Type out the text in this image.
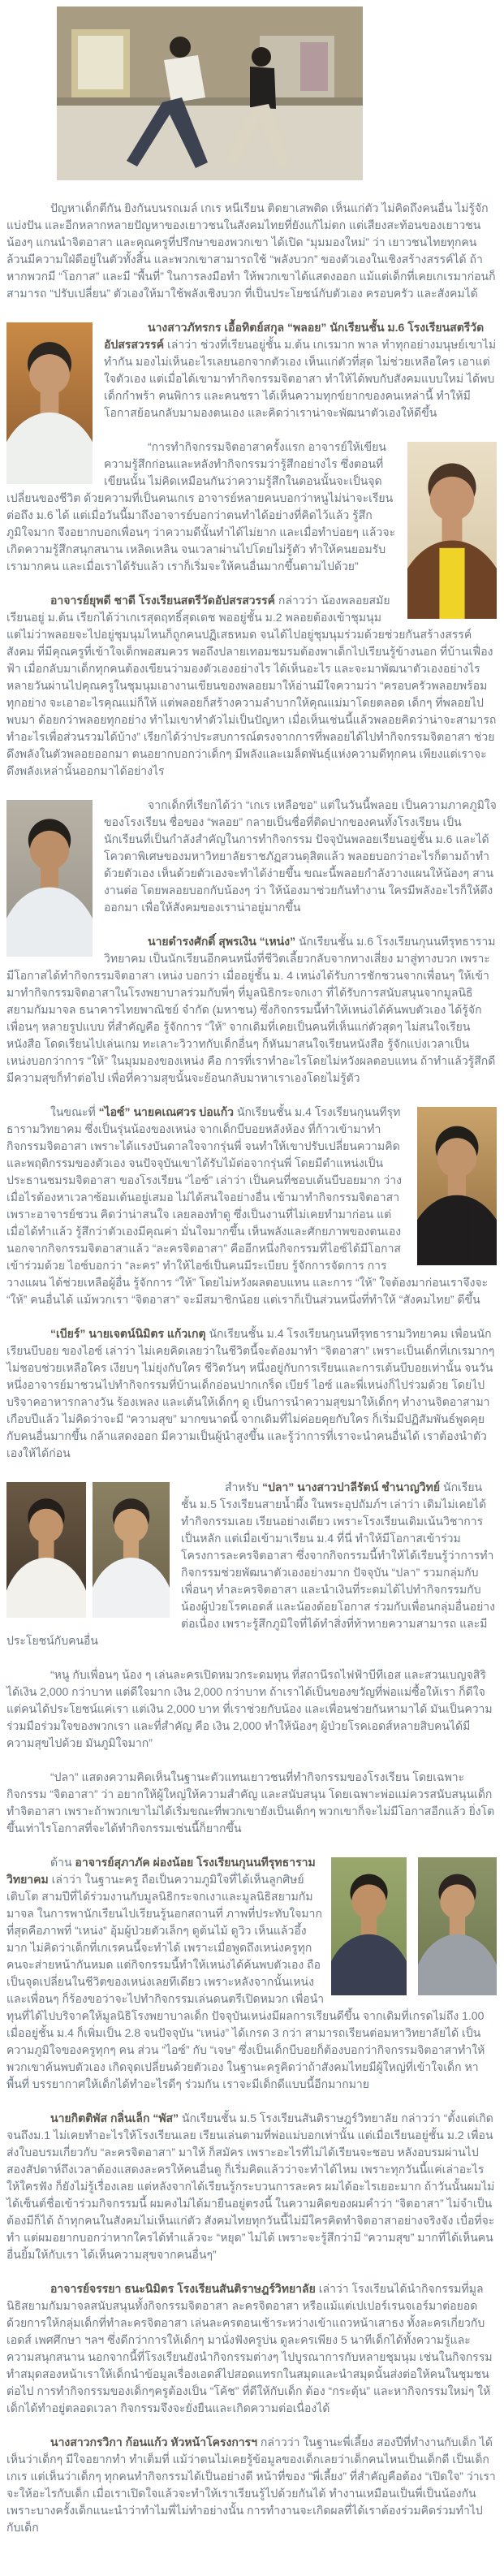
ปัญหาเด็กตีกัน ยิงกันบนรถเมล์ เกเร หนีเรียน ติดยาเสพติด เห็นแก่ตัว ไม่คิดถึงคนอื่น ไม่รู้จักแบ่งปัน และอีกหลากหลายปัญหาของเยาวชนในสังคมไทยที่ยังแก้ไม่ตก แต่เสียงสะท้อนของเยาวชนน้องๆ แกนนำจิตอาสา และคุณครูที่ปรึกษาของพวกเขา ได้เปิด “มุมมองใหม่” ว่า เยาวชนไทยทุกคนล้วนมีความใฝ่ดีอยู่ในตัวทั้งสิ้น และพวกเขาสามารถใช้ “พลังบวก” ของตัวเองในเชิงสร้างสรรค์ได้ ถ้าหากพวกมี “โอกาส” และมี “พื้นที่” ในการลงมือทำ ให้พวกเขาได้แสดงออก แม้แต่เด็กที่เคยเกเรมาก่อนก็สามารถ “ปรับเปลี่ยน” ตัวเองให้มาใช้พลังเชิงบวก ที่เป็นประโยชน์กับตัวเอง ครอบครัว และสังคมได้

นางสาวภัทรกร เอื้อทิตย์สกุล “พลอย” นักเรียนชั้น ม.6 โรงเรียนสตรีวัดอัปสรสวรรค์ เล่าว่า ช่วงที่เรียนอยู่ชั้น ม.ต้น เกเรมาก พาล ทำทุกอย่างมนุษย์เขาไม่ทำกัน มองไม่เห็นอะไรเลยนอกจากตัวเอง เห็นแก่ตัวที่สุด ไม่ช่วยเหลือใคร เอาแต่ใจตัวเอง แต่เมื่อได้เขามาทำกิจกรรมจิตอาสา ทำให้ได้พบกับสังคมแบบใหม่ ได้พบเด็กกำพร้า คนพิการ และคนชรา ได้เห็นความทุกข์ยากของคนเหล่านี้ ทำให้มีโอกาสย้อนกลับมามองตนเอง และคิดว่าเราน่าจะพัฒนาตัวเองให้ดีขึ้น

“การทำกิจกรรมจิตอาสาครั้งแรก อาจารย์ให้เขียนความรู้สึกก่อนและหลังทำกิจกรรมว่ารู้สึกอย่างไร ซึ่งตอนที่เขียนนั้น ไม่คิดเหมือนกันว่าความรู้สึกในตอนนั้นจะเป็นจุดเปลี่ยนของชีวิต ด้วยความที่เป็นคนเกเร อาจารย์หลายคนบอกว่าหนูไม่น่าจะเรียนต่อถึง ม.6 ได้ แต่เมื่อวันนี้มาถึงอาจารย์บอกว่าตนทำได้อย่างที่คิดไว้แล้ว รู้สึกภูมิใจมาก จึงอยากบอกเพื่อนๆ ว่าความดีนั้นทำได้ไม่ยาก และเมื่อทำบ่อยๆ แล้วจะเกิดความรู้สึกสนุกสนาน เหลิดเหลิน จนเวลาผ่านไปโดยไม่รู้ตัว ทำให้คนยอมรับเรามากคน และเมื่อเราได้รับแล้ว เราก็เริ่มจะให้คนอื่นมากขึ้นตามไปด้วย”

อาจารย์ยุพดี ชาดี โรงเรียนสตรีวัดอัปสรสวรรค์ กล่าวว่า น้องพลอยสมัยเรียนอยู่ ม.ต้น เรียกได้ว่าเกเรสุดฤทธิ์สุดเดช พออยู่ชั้น ม.2 พลอยต้องเข้าชุมนุม แต่ไม่ว่าพลอยจะไปอยู่ชุมนุมไหนก็ถูกคนปฏิเสธหมด จนได้ไปอยู่ชุมนุมร่วมด้วยช่วยกันสร้างสรรค์สังคม ที่มีคุณครูที่เข้าใจเด็กพอสมควร พอถึงปลายเทอมชมรมต้องพาเด็กไปเรียนรู้ข้างนอก ที่บ้านเฟื่องฟ้า เมื่อกลับมาเด็กทุกคนต้องเขียนว่ามองตัวเองอย่างไร ได้เห็นอะไร และจะมาพัฒนาตัวเองอย่างไร หลายวันผ่านไปคุณครูในชุมนุมเอางานเขียนของพลอยมาให้อ่านมีใจความว่า “ครอบครัวพลอยพร้อมทุกอย่าง จะเอาอะไรคุณแม่ก็ให้ แต่พลอยก็สร้างความลำบากให้คุณแม่มาโดยตลอด เด็กๆ ที่พลอยไปพบมา ด้อยกว่าพลอยทุกอย่าง ทำไมเขาทำตัวไม่เป็นปัญหา เมื่อเห็นเช่นนี้แล้วพลอยคิดว่าน่าจะสามารถทำอะไรเพื่อส่วนรวมได้บ้าง” เรียกได้ว่าประสบการณ์ตรงจากการที่พลอยได้ไปทำกิจกรรมจิตอาสา ช่วยดึงพลังในตัวพลอยออกมา ตนอยากบอกว่าเด็กๆ มีพลังและเมล็ดพันธุ์แห่งความดีทุกคน เพียงแต่เราจะดึงพลังเหล่านั้นออกมาได้อย่างไร

จากเด็กที่เรียกได้ว่า “เกเร เหลือขอ” แต่ในวันนี้พลอย เป็นความภาคภูมิใจของโรงเรียน ชื่อของ “พลอย” กลายเป็นชื่อที่ติดปากของคนทั้งโรงเรียน เป็นนักเรียนที่เป็นกำลังสำคัญในการทำกิจกรรม ปัจจุบันพลอยเรียนอยู่ชั้น ม.6 และได้โควตาพิเศษของมหาวิทยาลัยราชภัฏสวนดุสิตแล้ว พลอยบอกว่าอะไรก็ตามถ้าทำด้วยตัวเอง เห็นด้วยตัวเองจะทำได้ง่ายขึ้น ขณะนี้พลอยกำลังวางแผนให้น้องๆ สานงานต่อ โดยพลอยบอกกับน้องๆ ว่า ให้น้องมาช่วยกันทำงาน ใครมีพลังอะไรก็ให้ดึงออกมา เพื่อให้สังคมของเราน่าอยู่มากขึ้น

นายดำรงศักดิ์ สุพรเงิน “เหน่ง” นักเรียนชั้น ม.6 โรงเรียนกุนนทีรุทธารามวิทยาคม เป็นนักเรียนอีกคนหนึ่งที่ชีวิตเลี้ยวกลับจากทางเสี่ยง มาสู่ทางบวก เพราะมีโอกาสได้ทำกิจกรรมจิตอาสา เหน่ง บอกว่า เมื่ออยู่ชั้น ม. 4 เหน่งได้รับการชักชวนจากเพื่อนๆ ให้เข้ามาทำกิจกรรมจิตอาสาในโรงพยาบาลร่วมกับพี่ๆ ที่มูลนิธิกระจกเงา ที่ได้รับการสนับสนุนจากมูลนิธิสยามกัมมาจล ธนาคารไทยพาณิชย์ จำกัด (มหาชน) ซึ่งกิจกรรมนี้ทำให้เหน่งได้ค้นพบตัวเอง ได้รู้จักเพื่อนๆ หลายรูปแบบ ที่สำคัญคือ รู้จักการ “ให้” จากเดิมที่เคยเป็นคนที่เห็นแก่ตัวสุดๆ ไม่สนใจเรียนหนังสือ โดดเรียนไปเล่นเกม ทะเลาะวิวาทกับเด็กอื่นๆ ก็หันมาสนใจเรียนหนังสือ รู้จักแบ่งเวลาเป็น เหน่งบอกว่าการ “ให้” ในมุมมองของเหน่ง คือ การที่เราทำอะไรโดยไม่หวังผลตอบแทน ถ้าทำแล้วรู้สึกดีมีความสุขก็ทำต่อไป เพื่อที่ความสุขนั้นจะย้อนกลับมาหาเราเองโดยไม่รู้ตัว

ในขณะที่ “ไอซ์” นายคเณศวร บ่อแก้ว นักเรียนชั้น ม.4 โรงเรียนกุนนทีรุทธารามวิทยาคม ซึ่งเป็นรุ่นน้องของเหน่ง จากเด็กบีบอยหลังห้อง ที่ก้าวเข้ามาทำกิจกรรมจิตอาสา เพราะได้แรงบันดาลใจจากรุ่นพี่ จนทำให้เขาปรับเปลี่ยนความคิด และพฤติกรรมของตัวเอง จนปัจจุบันเขาได้รับไม้ต่อจากรุ่นพี่ โดยมีตำแหน่งเป็นประธานชมรมจิตอาสา ของโรงเรียน “ไอซ์” เล่าว่า เป็นคนที่ชอบเต้นบีบอยมาก ว่างเมื่อไรต้องหาเวลาซ้อมเต้นอยู่เสมอ ไม่ได้สนใจอย่างอื่น เข้ามาทำกิจกรรมจิตอาสา เพราะอาจารย์ชวน คิดว่าน่าสนใจ เลยลองทำดู ซึ่งเป็นงานที่ไม่เคยทำมาก่อน แต่เมื่อได้ทำแล้ว รู้สึกว่าตัวเองมีคุณค่า มั่นใจมากขึ้น เห็นพลังและศักยภาพของตนเอง นอกจากกิจกรรมจิตอาสาแล้ว “ละครจิตอาสา” คืออีกหนึ่งกิจกรรมที่ไอซ์ได้มีโอกาสเข้าร่วมด้วย ไอซ์บอกว่า “ละคร” ทำให้ไอซ์เป็นคนมีระเบียบ รู้จักการจัดการ การวางแผน ได้ช่วยเหลือผู้อื่น รู้จักการ “ให้” โดยไม่หวังผลตอบแทน และการ “ให้” ใจต้องมาก่อนเราจึงจะ “ให้” คนอื่นได้ แม้พวกเรา “จิตอาสา” จะมีสมาชิกน้อย แต่เราก็เป็นส่วนหนึ่งที่ทำให้ “สังคมไทย” ดีขึ้น

“เบียร์” นายเจตน์นิมิตร แก้วเกตุ นักเรียนชั้น ม.4 โรงเรียนกุนนทีรุทธารามวิทยาคม เพื่อนนักเรียนบีบอย ของไอซ์ เล่าว่า ไม่เคยคิดเลยว่าในชีวิตนี้จะต้องมาทำ “จิตอาสา” เพราะเป็นเด็กที่เกเรมากๆ ไม่ชอบช่วยเหลือใคร เงียบๆ ไม่ยุ่งกับใคร ชีวิตวันๆ หนึ่งอยู่กับการเรียนและการเต้นบีบอยเท่านั้น จนวันหนึ่งอาจารย์มาชวนไปทำกิจกรรมที่บ้านเด็กอ่อนปากเกร็ด เบียร์ ไอซ์ และพี่เหน่งก็ไปร่วมด้วย โดยไปบริจาคอาหารกลางวัน ร้องเพลง และเต้นให้เด็กๆ ดู เป็นการนำความสุขมาให้เด็กๆ ทำงานจิตอาสามาเกือบปีแล้ว ไม่คิดว่าจะมี “ความสุข” มากขนาดนี้ จากเดิมที่ไม่ค่อยคุยกับใคร ก็เริ่มมีปฏิสัมพันธ์พูดคุยกับคนอื่นมากขึ้น กล้าแสดงออก มีความเป็นผู้นำสูงขึ้น และรู้ว่าการที่เราจะนำคนอื่นได้ เราต้องนำตัวเองให้ได้ก่อน

สำหรับ “ปลา” นางสาวปาลีรัตน์ ชำนาญวิทย์ นักเรียนชั้น ม.5 โรงเรียนสายน้ำผึ้ง ในพระอุปถัมภ์ฯ เล่าว่า เดิมไม่เคยได้ทำกิจกรรมเลย เรียนอย่างเดียว เพราะโรงเรียนเดิมเน้นวิชาการเป็นหลัก แต่เมื่อเข้ามาเรียน ม.4 ที่นี่ ทำให้มีโอกาสเข้าร่วมโครงการละครจิตอาสา ซึ่งจากกิจกรรมนี้ทำให้ได้เรียนรู้ว่าการทำกิจกรรมช่วยพัฒนาตัวเองอย่างมาก ปัจจุบัน “ปลา” รวมกลุ่มกับเพื่อนๆ ทำละครจิตอาสา และนำเงินที่ระดมได้ไปทำกิจกรรมกับน้องผู้ป่วยโรคเอดส์ และน้องด้อยโอกาส ร่วมกับเพื่อนกลุ่มอื่นอย่างต่อเนื่อง เพราะรู้สึกภูมิใจที่ได้ทำสิ่งที่ท้าทายความสามารถ และมีประโยชน์กับคนอื่น

“หนู กับเพื่อนๆ น้อง ๆ เล่นละครเปิดหมวกระดมทุน ที่สถานีรถไฟฟ้าบีทีเอส และสวนเบญจสิริ ได้เงิน 2,000 กว่าบาท แต่ดีใจมาก เงิน 2,000 กว่าบาท ถ้าเราได้เป็นของขวัญที่พ่อแม่ซื้อให้เรา ก็ดีใจ แต่คนได้ประโยชน์แค่เรา แต่เงิน 2,000 บาท ที่เราช่วยกับน้อง และเพื่อนช่วยกันหามาได้ มันเป็นความร่วมมือร่วมใจของพวกเรา และที่สำคัญ คือ เงิน 2,000 ทำให้น้องๆ ผู้ป่วยโรคเอดส์หลายสิบคนได้มีความสุขไปด้วย มันภูมิใจมาก”

“ปลา” แสดงความคิดเห็นในฐานะตัวแทนเยาวชนที่ทำกิจกรรมของโรงเรียน โดยเฉพาะกิจกรรม “จิตอาสา” ว่า อยากให้ผู้ใหญ่ให้ความสำคัญ และสนับสนุน โดยเฉพาะพ่อแม่ควรสนับสนุนเด็กทำจิตอาสา เพราะถ้าพวกเขาไม่ได้เริ่มขณะที่พวกเขายังเป็นเด็กๆ พวกเขาก็จะไม่มีโอกาสอีกแล้ว ยิ่งโตขึ้นเท่าไรโอกาสที่จะได้ทำกิจกรรมเช่นนี้ก็ยากขึ้น

ด้าน อาจารย์สุภาภัค ผ่องน้อย โรงเรียนกุนนทีรุทธารามวิทยาคม เล่าว่า ในฐานะครู ถือเป็นความภูมิใจที่ได้เห็นลูกศิษย์เติบโต สามปีที่ได้ร่วมงานกับมูลนิธิกระจกเงาและมูลนิธิสยามกัมมาจล ในการพานักเรียนไปเรียนรู้นอกสถานที่ ภาพที่ประทับใจมากที่สุดคือภาพที่ “เหน่ง” อุ้มผู้ป่วยตัวเล็กๆ ดูต้นไม้ ดูวิว เห็นแล้วอึ้งมาก ไม่คิดว่าเด็กที่เกเรคนนี้จะทำได้ เพราะเมื่อพูดถึงเหน่งครูทุกคนจะส่ายหน้ากันหมด แต่กิจกรรมนี้ทำให้เหน่งได้ค้นพบตัวเอง ถือเป็นจุดเปลี่ยนในชีวิตของเหน่งเลยทีเดียว เพราะหลังจากนั้นเหน่งและเพื่อนๆ ก็ร้องขอว่าจะไปทำกิจกรรมเล่นดนตรีเปิดหมวก เพื่อนำทุนที่ได้ไปบริจาคให้มูลนิธิโรงพยาบาลเด็ก ปัจจุบันเหน่งมีผลการเรียนดีขึ้น จากเดิมที่เกรดไม่ถึง 1.00 เมื่ออยู่ชั้น ม.4 ก็เพิ่มเป็น 2.8 จนปัจจุบัน “เหน่ง” ได้เกรด 3 กว่า สามารถเรียนต่อมหาวิทยาลัยได้ เป็นความภูมิใจของครูทุกๆ คน ส่วน “ไอซ์” กับ “เจษ” ซึ่งเป็นเด็กบีบอยก็ต้องบอกว่ากิจกรรมจิตอาสาทำให้พวกเขาค้นพบตัวเอง เกิดจุดเปลี่ยนด้วยตัวเอง ในฐานะครูคิดว่าถ้าสังคมไทยมีผู้ใหญ่ที่เข้าใจเด็ก หาพื้นที่ บรรยากาศให้เด็กได้ทำอะไรดีๆ ร่วมกัน เราจะมีเด็กดีแบบนี้อีกมากมาย

นายกิตติพัส กลิ่นเล็ก “พัส” นักเรียนชั้น ม.5 โรงเรียนสันติราษฎร์วิทยาลัย กล่าวว่า “ตั้งแต่เกิดจนถึงม.1 ไม่เคยทำอะไรให้โรงเรียนเลย เรียนเล่นตามที่พ่อแม่บอกเท่านั้น แต่เมื่อเรียนอยู่ชั้น ม.2 เพื่อนส่งใบอบรมเกี่ยวกับ “ละครจิตอาสา” มาให้ ก็สมัคร เพราะอะไรที่ไม่ได้เรียนจะชอบ หลังอบรมผ่านไปสองสัปดาห์ถึงเวลาต้องแสดงละครให้คนอื่นดู ก็เริ่มคิดแล้วว่าจะทำได้ไหม เพราะทุกวันนี้แค่เล่าอะไรให้ใครฟัง ก็ยังไม่รู้เรื่องเลย แต่หลังจากได้เรียนรู้กระบวนการละคร ผมได้อะไรเยอะมาก ถ้าวันนั้นผมไม่ได้เซ็นต์ชื่อเข้าร่วมกิจกรรมนี้ ผมคงไม่ได้มายืนอยู่ตรงนี้ ในความคิดของผมคำว่า “จิตอาสา” ไม่จำเป็นต้องมีก็ได้ ถ้าทุกคนในสังคมไม่เห็นแก่ตัว สังคมไทยทุกวันนี้ไม่มีใครคิดทำจิตอาสาอย่างจริงจัง เบื่อที่จะทำ แต่ผมอยากบอกว่าหากใครได้ทำแล้วจะ “หยุด” ไม่ได้ เพราะจะรู้สึกว่ามี “ความสุข” มากที่ได้เห็นคนอื่นยิ้มให้กับเรา ได้เห็นความสุขจากคนอื่นๆ”

อาจารย์จรรยา ธนะนิมิตร โรงเรียนสันติราษฎร์วิทยาลัย เล่าว่า โรงเรียนได้นำกิจกรรมที่มูลนิธิสยามกัมมาจลสนับสนุนทั้งกิจกรรมจิตอาสา ละครจิตอาสา หรือแม้แต่เปเปอร์เรนจเอร์มาต่อยอด ด้วยการให้กลุ่มเด็กที่ทำละครจิตอาสา เล่นละครตอนเช้าระหว่างเข้าแถวหน้าเสาธง ทั้งละครเกี่ยวกับเอดส์ เพศศึกษา ฯลฯ ซึ่งดีกว่าการให้เด็กๆ มานั่งฟังครูบ่น ดูละครเพียง 5 นาทีเด็กได้ทั้งความรู้และความสนุกสนาน นอกจากนี้ที่โรงเรียนยังนำกิจกรรมต่างๆ ไปบูรณาการกับหลายชุมนุม เช่นในกิจกรรมทำสมุดสองหน้าเราให้เด็กนำข้อมูลเรื่องเอดส์ไปสอดแทรกในสมุดและนำสมุดนั้นส่งต่อให้คนในชุมชนต่อไป การทำกิจกรรมของเด็กๆครูต้องเป็น “โค้ช” ที่ดีให้กับเด็ก ต้อง “กระตุ้น” และหากิจกรรมใหม่ๆ ให้เด็กได้ทำอยู่ตลอดเวลา กิจกรรมจึงจะยั่งยืนและเกิดความต่อเนื่องได้

นางสาวกรวิกา ก้อนแก้ว หัวหน้าโครงการฯ กล่าวว่า ในฐานะพี่เลี้ยง สองปีที่ทำงานกับเด็ก ได้เห็นว่าเด็กๆ มีใจอยากทำ ทำเต็มที่ แม้ว่าตนไม่เคยรู้ข้อมูลของเด็กเลยว่าเด็กคนไหนเป็นเด็กดี เป็นเด็กเกเร แต่เห็นว่าเด็กๆ ทุกคนทำกิจกรรมได้เป็นอย่างดี หน้าที่ของ “พี่เลี้ยง” ที่สำคัญคือต้อง “เปิดใจ” ว่าเราจะให้อะไรกับเด็ก เมื่อเราเปิดใจแล้วจะทำให้เราเรียนรู้ไปด้วยกันได้ ทำงานเหมือนเป็นพี่เป็นน้องกัน เพราะบางครั้งเด็กแนะนำว่าทำไมพี่ไม่ทำอย่างนั้น การทำงานจะเกิดผลที่ได้เราต้องร่วมคิดร่วมทำไปกับเด็ก
